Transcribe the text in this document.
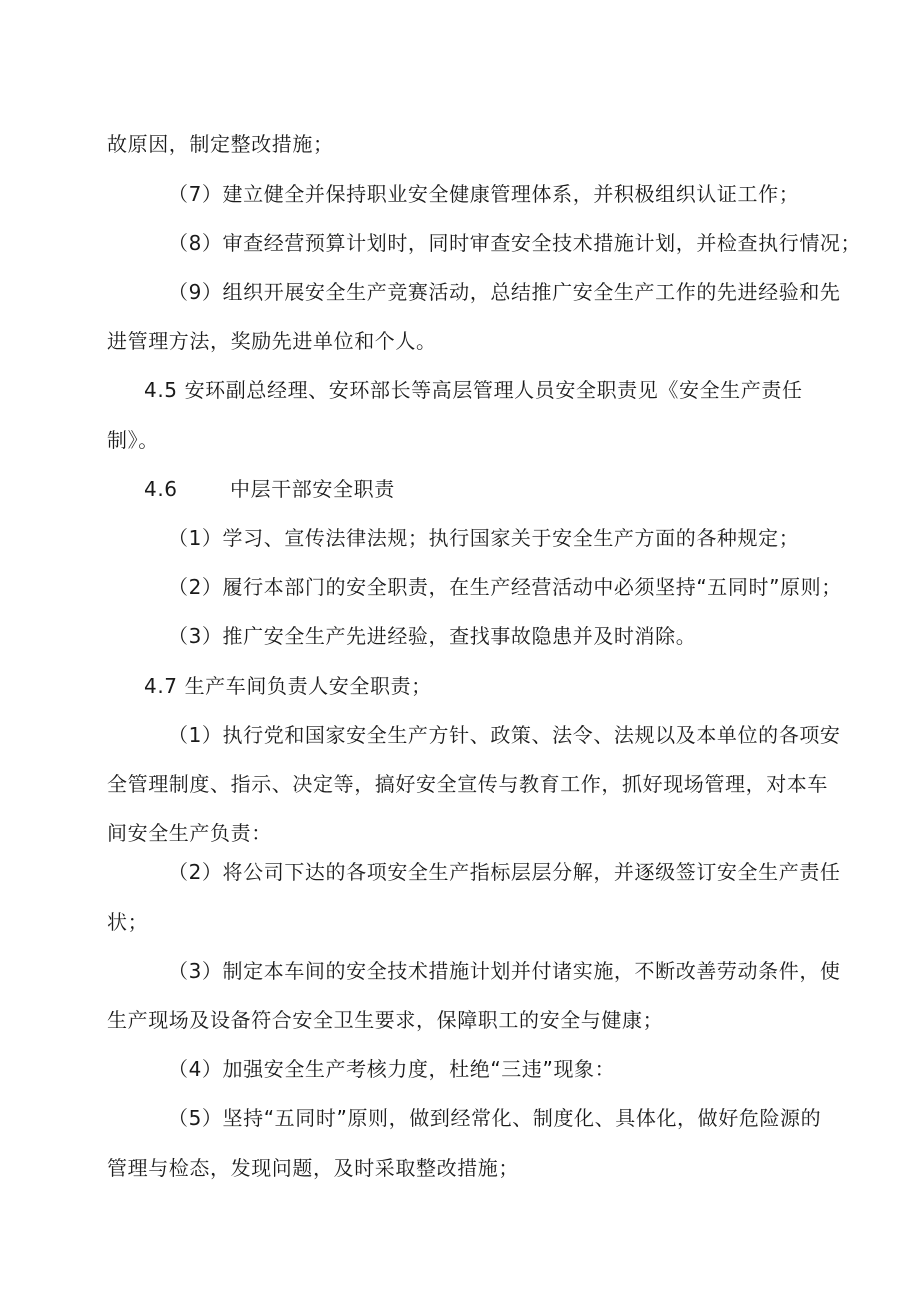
故原因，制定整改措施；
（7）建立健全并保持职业安全健康管理体系，并积极组织认证工作；
（8）审查经营预算计划时，同时审查安全技术措施计划，并检查执行情况；
（9）组织开展安全生产竞赛活动，总结推广安全生产工作的先进经验和先
进管理方法，奖励先进单位和个人。
4.5 安环副总经理、安环部长等高层管理人员安全职责见《安全生产责任
制》。
4.6	中层干部安全职责
（1）学习、宣传法律法规；执行国家关于安全生产方面的各种规定；
（2）履行本部门的安全职责，在生产经营活动中必须坚持“五同时”原则；
（3）推广安全生产先进经验，查找事故隐患并及时消除。
4.7 生产车间负责人安全职责；
（1）执行党和国家安全生产方针、政策、法令、法规以及本单位的各项安
全管理制度、指示、决定等，搞好安全宣传与教育工作，抓好现场管理，对本车
间安全生产负责：
（2）将公司下达的各项安全生产指标层层分解，并逐级签订安全生产责任
状；
（3）制定本车间的安全技术措施计划并付诸实施，不断改善劳动条件，使
生产现场及设备符合安全卫生要求，保障职工的安全与健康；
（4）加强安全生产考核力度，杜绝“三违”现象：
（5）坚持“五同时”原则，做到经常化、制度化、具体化，做好危险源的
管理与检态，发现问题，及时采取整改措施；
